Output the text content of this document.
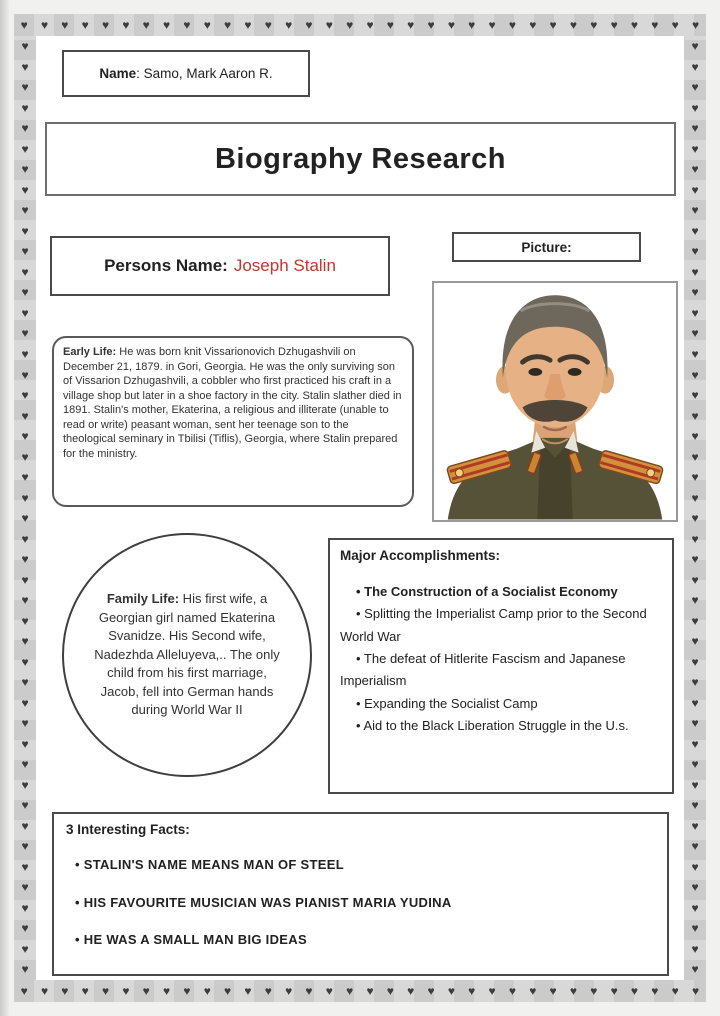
♥ ♥ ♥ ♥ ♥ ♥ ♥ ♥ ♥ ♥ ♥ ♥ ♥ ♥ ♥ ♥ ♥ ♥ ♥ ♥ ♥ ♥ ♥ ♥ ♥ ♥ ♥ ♥ ♥ ♥ ♥ ♥ ♥ ♥
♥ ♥ ♥ ♥ ♥ ♥ ♥ ♥ ♥ ♥ ♥ ♥ ♥ ♥ ♥ ♥ ♥ ♥ ♥ ♥ ♥ ♥ ♥ ♥ ♥ ♥ ♥ ♥ ♥ ♥ ♥ ♥ ♥ ♥
♥
♥
♥
♥
♥
♥
♥
♥
♥
♥
♥
♥
♥
♥
♥
♥
♥
♥
♥
♥
♥
♥
♥
♥
♥
♥
♥
♥
♥
♥
♥
♥
♥
♥
♥
♥
♥
♥
♥
♥
♥
♥
♥
♥
♥
♥
♥
♥
♥
♥
♥
♥
♥
♥
♥
♥
♥
♥
♥
♥
♥
♥
♥
♥
♥
♥
♥
♥
♥
♥
♥
♥
♥
♥
♥
♥
♥
♥
♥
♥
♥
♥
♥
♥
♥
♥
♥
♥
♥
♥
♥
♥
Name : Samo, Mark Aaron R.
Biography Research
Persons Name: Joseph Stalin
Picture:
Early Life: He was born knit Vissarionovich Dzhugashvili on December 21, 1879. in Gori, Georgia. He was the only surviving son of Vissarion Dzhugashvili, a cobbler who first practiced his craft in a village shop but later in a shoe factory in the city. Stalin slather died in 1891. Stalin's mother, Ekaterina, a religious and illiterate (unable to read or write) peasant woman, sent her teenage son to the theological seminary in Tbilisi (Tiflis), Georgia, where Stalin prepared for the ministry.
Family Life: His first wife, a Georgian girl named Ekaterina Svanidze. His Second wife, Nadezhda Alleluyeva,.. The only child from his first marriage, Jacob, fell into German hands during World War II
Major Accomplishments:
• The Construction of a Socialist Economy
• Splitting the Imperialist Camp prior to the Second World War
• The defeat of Hitlerite Fascism and Japanese Imperialism
• Expanding the Socialist Camp
• Aid to the Black Liberation Struggle in the U.s.
3 Interesting Facts:
• STALIN'S NAME MEANS MAN OF STEEL
• HIS FAVOURITE MUSICIAN WAS PIANIST MARIA YUDINA
• HE WAS A SMALL MAN BIG IDEAS
